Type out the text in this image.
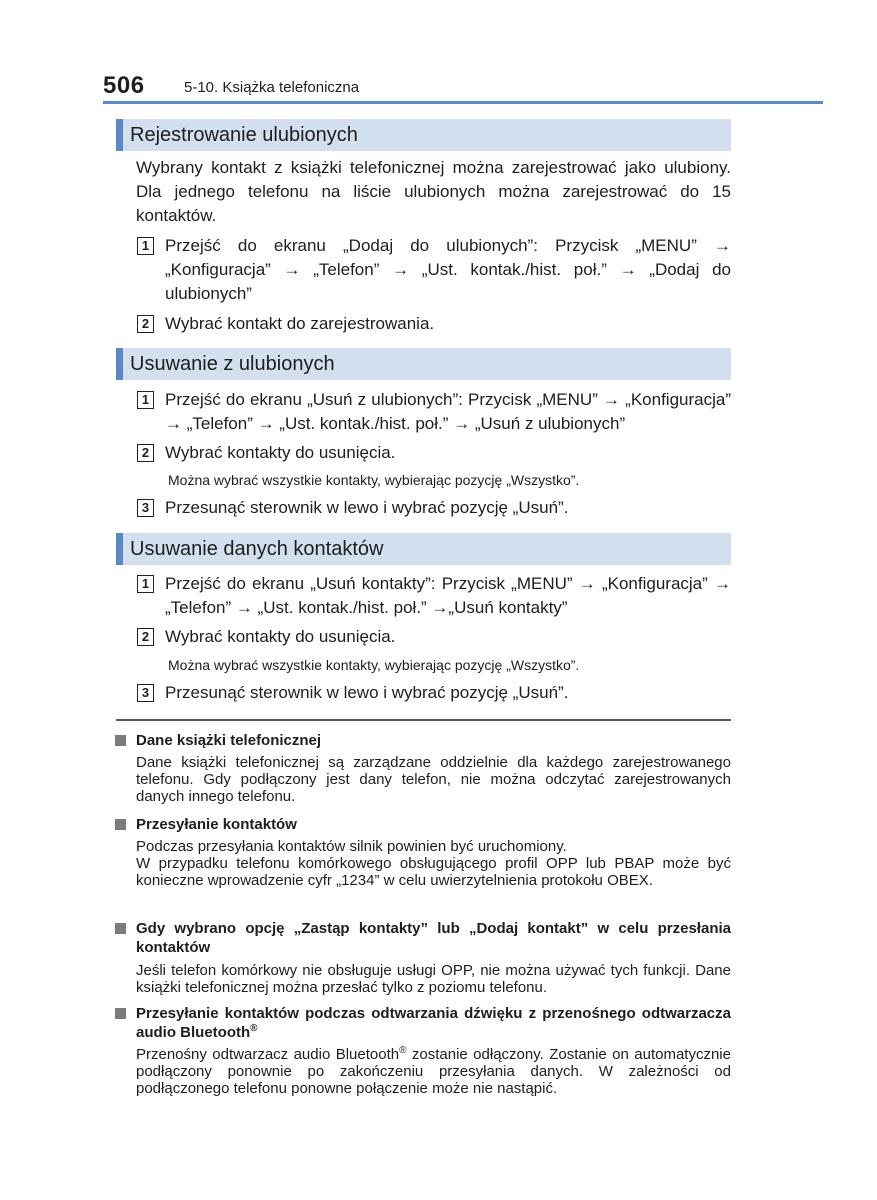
506	5-10. Książka telefoniczna
Rejestrowanie ulubionych
Wybrany kontakt z książki telefonicznej można zarejestrować jako ulubiony. Dla jednego telefonu na liście ulubionych można zarejestrować do 15 kontaktów.
1 Przejść do ekranu „Dodaj do ulubionych”: Przycisk „MENU” → „Konfiguracja” → „Telefon” → „Ust. kontak./hist. poł.” → „Dodaj do ulubionych”
2 Wybrać kontakt do zarejestrowania.
Usuwanie z ulubionych
1 Przejść do ekranu „Usuń z ulubionych”: Przycisk „MENU” → „Konfiguracja” → „Telefon” → „Ust. kontak./hist. poł.” → „Usuń z ulubionych”
2 Wybrać kontakty do usunięcia.
Można wybrać wszystkie kontakty, wybierając pozycję „Wszystko”.
3 Przesunąć sterownik w lewo i wybrać pozycję „Usuń”.
Usuwanie danych kontaktów
1 Przejść do ekranu „Usuń kontakty”: Przycisk „MENU” → „Konfiguracja” → „Telefon” → „Ust. kontak./hist. poł.” →„Usuń kontakty”
2 Wybrać kontakty do usunięcia.
Można wybrać wszystkie kontakty, wybierając pozycję „Wszystko”.
3 Przesunąć sterownik w lewo i wybrać pozycję „Usuń”.
Dane książki telefonicznej

Dane książki telefonicznej są zarządzane oddzielnie dla każdego zarejestrowanego telefonu. Gdy podłączony jest dany telefon, nie można odczytać zarejestrowanych danych innego telefonu.

Przesyłanie kontaktów

Podczas przesyłania kontaktów silnik powinien być uruchomiony.

W przypadku telefonu komórkowego obsługującego profil OPP lub PBAP może być konieczne wprowadzenie cyfr „1234” w celu uwierzytelnienia protokołu OBEX.

Gdy wybrano opcję „Zastąp kontakty” lub „Dodaj kontakt” w celu przesłania kontaktów

Jeśli telefon komórkowy nie obsługuje usługi OPP, nie można używać tych funkcji. Dane książki telefonicznej można przesłać tylko z poziomu telefonu.

Przesyłanie kontaktów podczas odtwarzania dźwięku z przenośnego odtwarzacza audio Bluetooth®

Przenośny odtwarzacz audio Bluetooth® zostanie odłączony. Zostanie on automatycznie podłączony ponownie po zakończeniu przesyłania danych. W zależności od podłączonego telefonu ponowne połączenie może nie nastąpić.
